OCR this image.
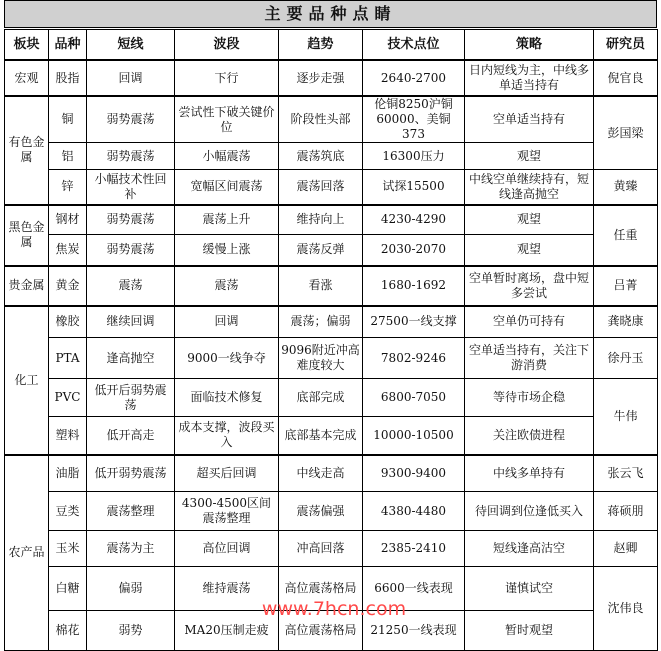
主要品种点睛
板块	品种	短线	波段	趋势	技术点位	策略	研究员
宏观	股指	回调	下行	逐步走强	2640-2700	日内短线为主，中线多单适当持有	倪官良
有色金属	铜	弱势震荡	尝试性下破关键价位	阶段性头部	伦铜8250沪铜60000、美铜373	空单适当持有	彭国梁
	铝	弱势震荡	小幅震荡	震荡筑底	16300压力	观望	
	锌	小幅技术性回补	宽幅区间震荡	震荡回落	试探15500	中线空单继续持有，短线逢高抛空	黄臻
黑色金属	钢材	弱势震荡	震荡上升	维持向上	4230-4290	观望	任重
	焦炭	弱势震荡	缓慢上涨	震荡反弹	2030-2070	观望	
贵金属	黄金	震荡	震荡	看涨	1680-1692	空单暂时离场，盘中短多尝试	吕菁
化工	橡胶	继续回调	回调	震荡；偏弱	27500一线支撑	空单仍可持有	龚晓康
	PTA	逢高抛空	9000一线争夺	9096附近冲高难度较大	7802-9246	空单适当持有，关注下游消费	徐丹玉
	PVC	低开后弱势震荡	面临技术修复	底部完成	6800-7050	等待市场企稳	牛伟
	塑料	低开高走	成本支撑，波段买入	底部基本完成	10000-10500	关注欧债进程	
农产品	油脂	低开弱势震荡	超买后回调	中线走高	9300-9400	中线多单持有	张云飞
	豆类	震荡整理	4300-4500区间震荡整理	震荡偏强	4380-4480	待回调到位逢低买入	蒋硕朋
	玉米	震荡为主	高位回调	冲高回落	2385-2410	短线逢高沽空	赵卿
	白糖	偏弱	维持震荡	高位震荡格局	6600一线表现	谨慎试空	沈伟良
	棉花	弱势	MA20压制走疲	高位震荡格局	21250一线表现	暂时观望	
www.7hcn.com
